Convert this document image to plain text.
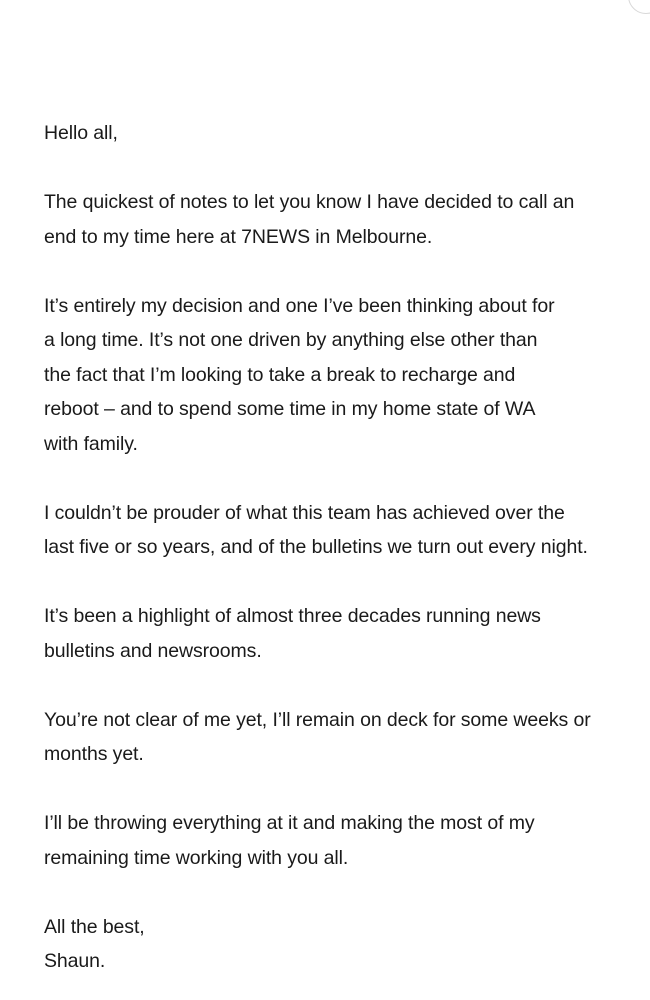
Hello all,
The quickest of notes to let you know I have decided to call an
end to my time here at 7NEWS in Melbourne.
It’s entirely my decision and one I’ve been thinking about for
a long time. It’s not one driven by anything else other than
the fact that I’m looking to take a break to recharge and
reboot – and to spend some time in my home state of WA
with family.
I couldn’t be prouder of what this team has achieved over the
last five or so years, and of the bulletins we turn out every night.
It’s been a highlight of almost three decades running news
bulletins and newsrooms.
You’re not clear of me yet, I’ll remain on deck for some weeks or
months yet.
I’ll be throwing everything at it and making the most of my
remaining time working with you all.
All the best,
Shaun.
